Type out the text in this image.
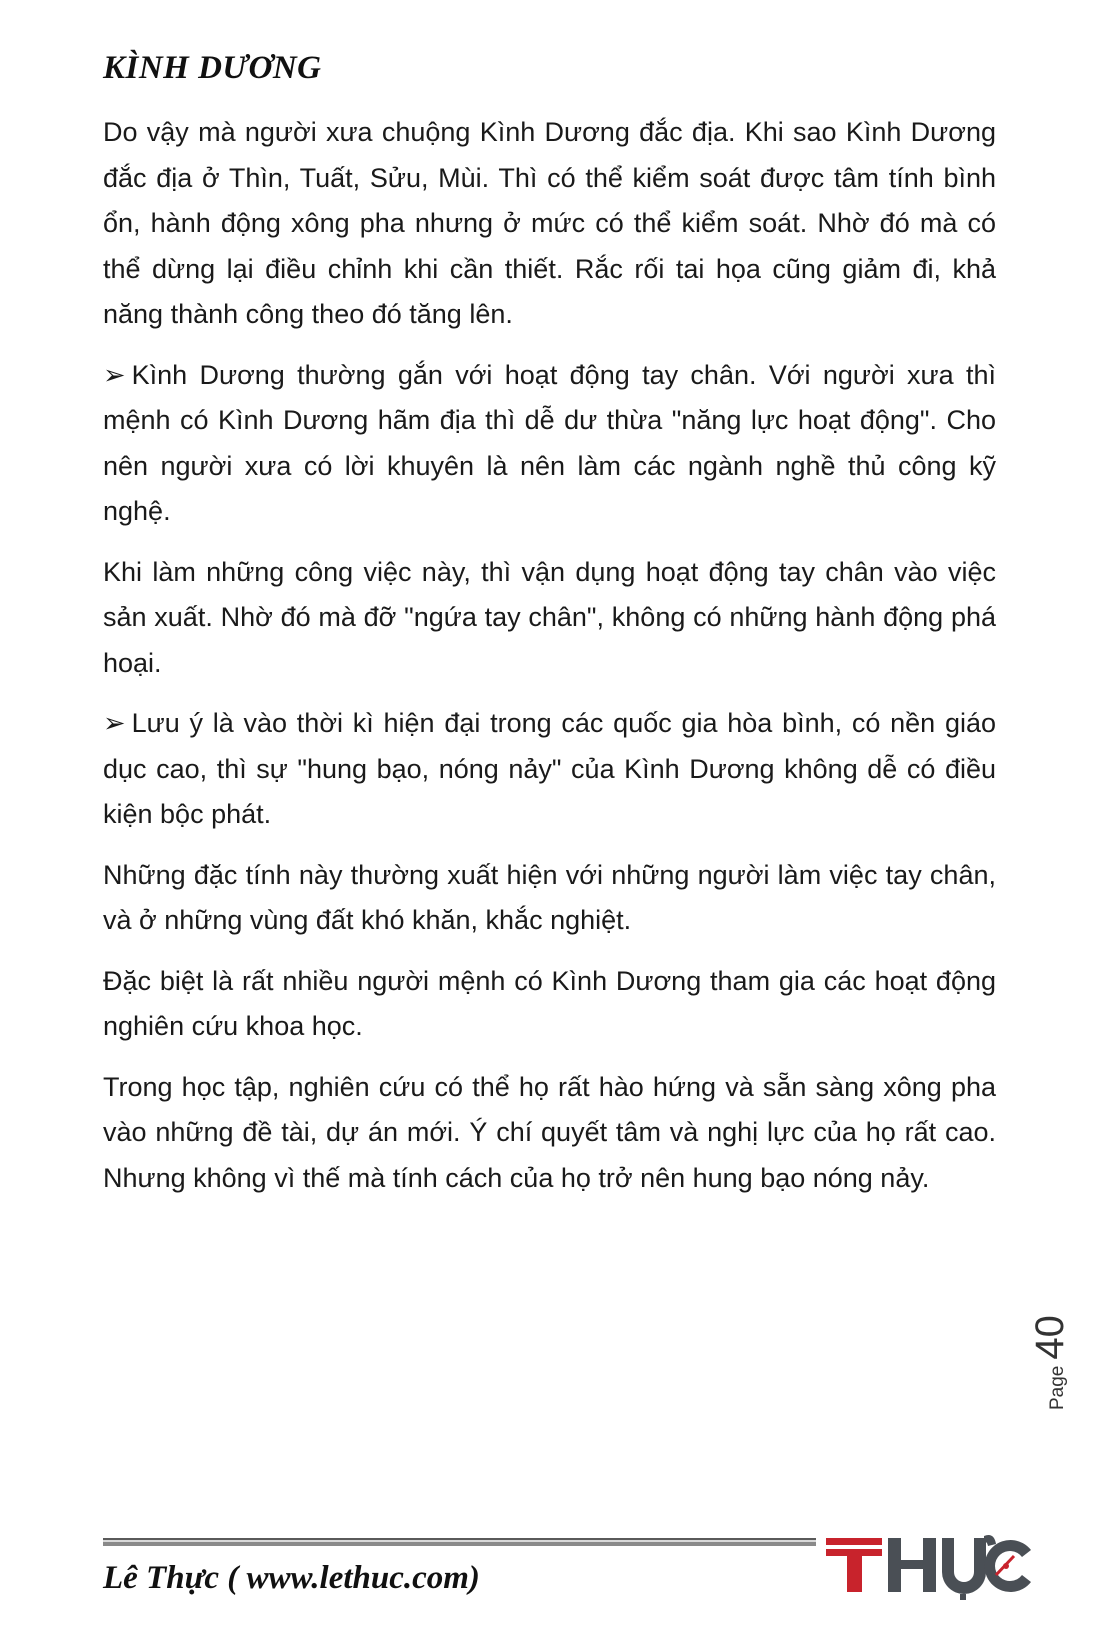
KÌNH DƯƠNG

Do vậy mà người xưa chuộng Kình Dương đắc địa. Khi sao Kình Dương đắc địa ở Thìn, Tuất, Sửu, Mùi. Thì có thể kiểm soát được tâm tính bình ổn, hành động xông pha nhưng ở mức có thể kiểm soát. Nhờ đó mà có thể dừng lại điều chỉnh khi cần thiết. Rắc rối tai họa cũng giảm đi, khả năng thành công theo đó tăng lên.

➢ Kình Dương thường gắn với hoạt động tay chân. Với người xưa thì mệnh có Kình Dương hãm địa thì dễ dư thừa "năng lực hoạt động". Cho nên người xưa có lời khuyên là nên làm các ngành nghề thủ công kỹ nghệ.

Khi làm những công việc này, thì vận dụng hoạt động tay chân vào việc sản xuất. Nhờ đó mà đỡ "ngứa tay chân", không có những hành động phá hoại.

➢ Lưu ý là vào thời kì hiện đại trong các quốc gia hòa bình, có nền giáo dục cao, thì sự "hung bạo, nóng nảy" của Kình Dương không dễ có điều kiện bộc phát.

Những đặc tính này thường xuất hiện với những người làm việc tay chân, và ở những vùng đất khó khăn, khắc nghiệt.

Đặc biệt là rất nhiều người mệnh có Kình Dương tham gia các hoạt động nghiên cứu khoa học.

Trong học tập, nghiên cứu có thể họ rất hào hứng và sẵn sàng xông pha vào những đề tài, dự án mới. Ý chí quyết tâm và nghị lực của họ rất cao. Nhưng không vì thế mà tính cách của họ trở nên hung bạo nóng nảy.

Page40
Lê Thực ( www.lethuc.com)
